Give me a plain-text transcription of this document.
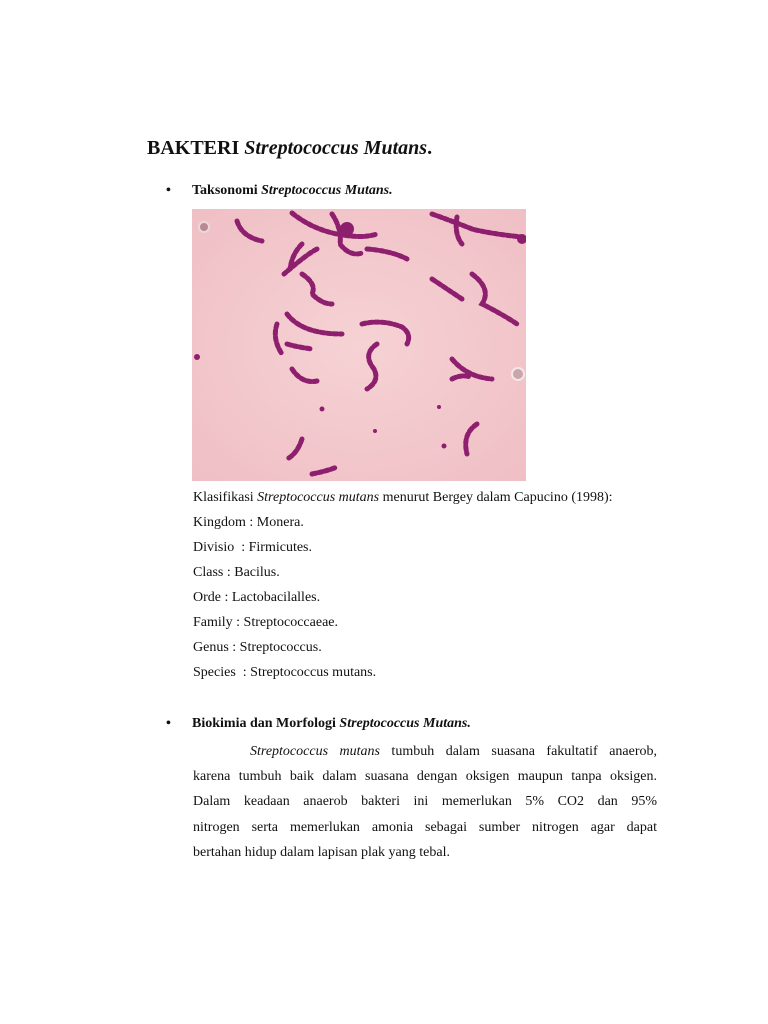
BAKTERI Streptococcus Mutans.
• Taksonomi Streptococcus Mutans.
Klasifikasi Streptococcus mutans menurut Bergey dalam Capucino (1998):
Kingdom : Monera.
Divisio  : Firmicutes.
Class : Bacilus.
Orde : Lactobacilalles.
Family : Streptococcaeae.
Genus : Streptococcus.
Species  : Streptococcus mutans.
• Biokimia dan Morfologi Streptococcus Mutans.
Streptococcus mutans tumbuh dalam suasana fakultatif anaerob,
karena tumbuh baik dalam suasana dengan oksigen maupun tanpa oksigen.
Dalam keadaan anaerob bakteri ini memerlukan 5% CO2 dan 95%
nitrogen serta memerlukan amonia sebagai sumber nitrogen agar dapat
bertahan hidup dalam lapisan plak yang tebal.
